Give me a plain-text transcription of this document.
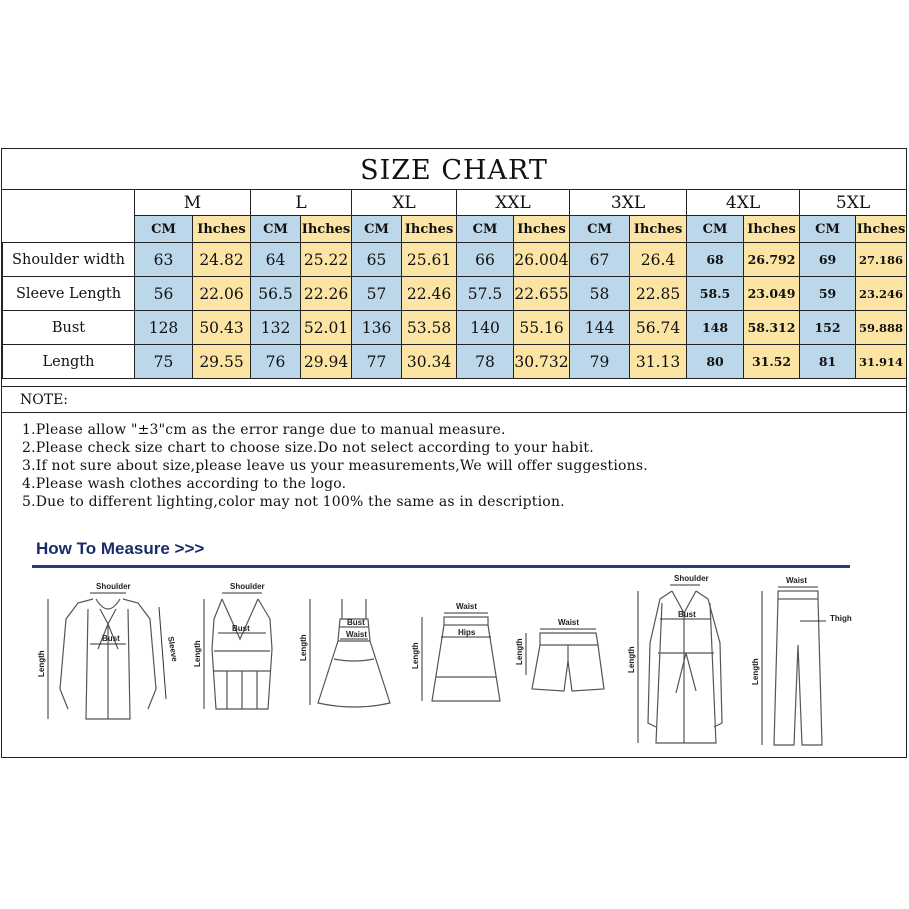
SIZE CHART
	M		L		XL		XXL		3XL		4XL		5XL	
	CM	Ihches	CM	Ihches	CM	Ihches	CM	Ihches	CM	Ihches	CM	Ihches	CM	Ihches
Shoulder width	63	24.82	64	25.22	65	25.61	66	26.004	67	26.4	68	26.792	69	27.186
Sleeve Length	56	22.06	56.5	22.26	57	22.46	57.5	22.655	58	22.85	58.5	23.049	59	23.246
Bust	128	50.43	132	52.01	136	53.58	140	55.16	144	56.74	148	58.312	152	59.888
Length	75	29.55	76	29.94	77	30.34	78	30.732	79	31.13	80	31.52	81	31.914
NOTE:
1.Please allow "±3"cm as the error range due to manual measure.
2.Please check size chart to choose size.Do not select according to your habit.
3.If not sure about size,please leave us your measurements,We will offer suggestions.
4.Please wash clothes according to the logo.
5.Due to different lighting,color may not 100% the same as in description.
How To Measure >>>
Shoulder
Bust	Sleeve
Length
Shoulder
Bust
Length
Bust
Waist
Length
Waist
Hips
Length
Waist
Length
Shoulder
Bust
Length
Waist
Thigh
Length
